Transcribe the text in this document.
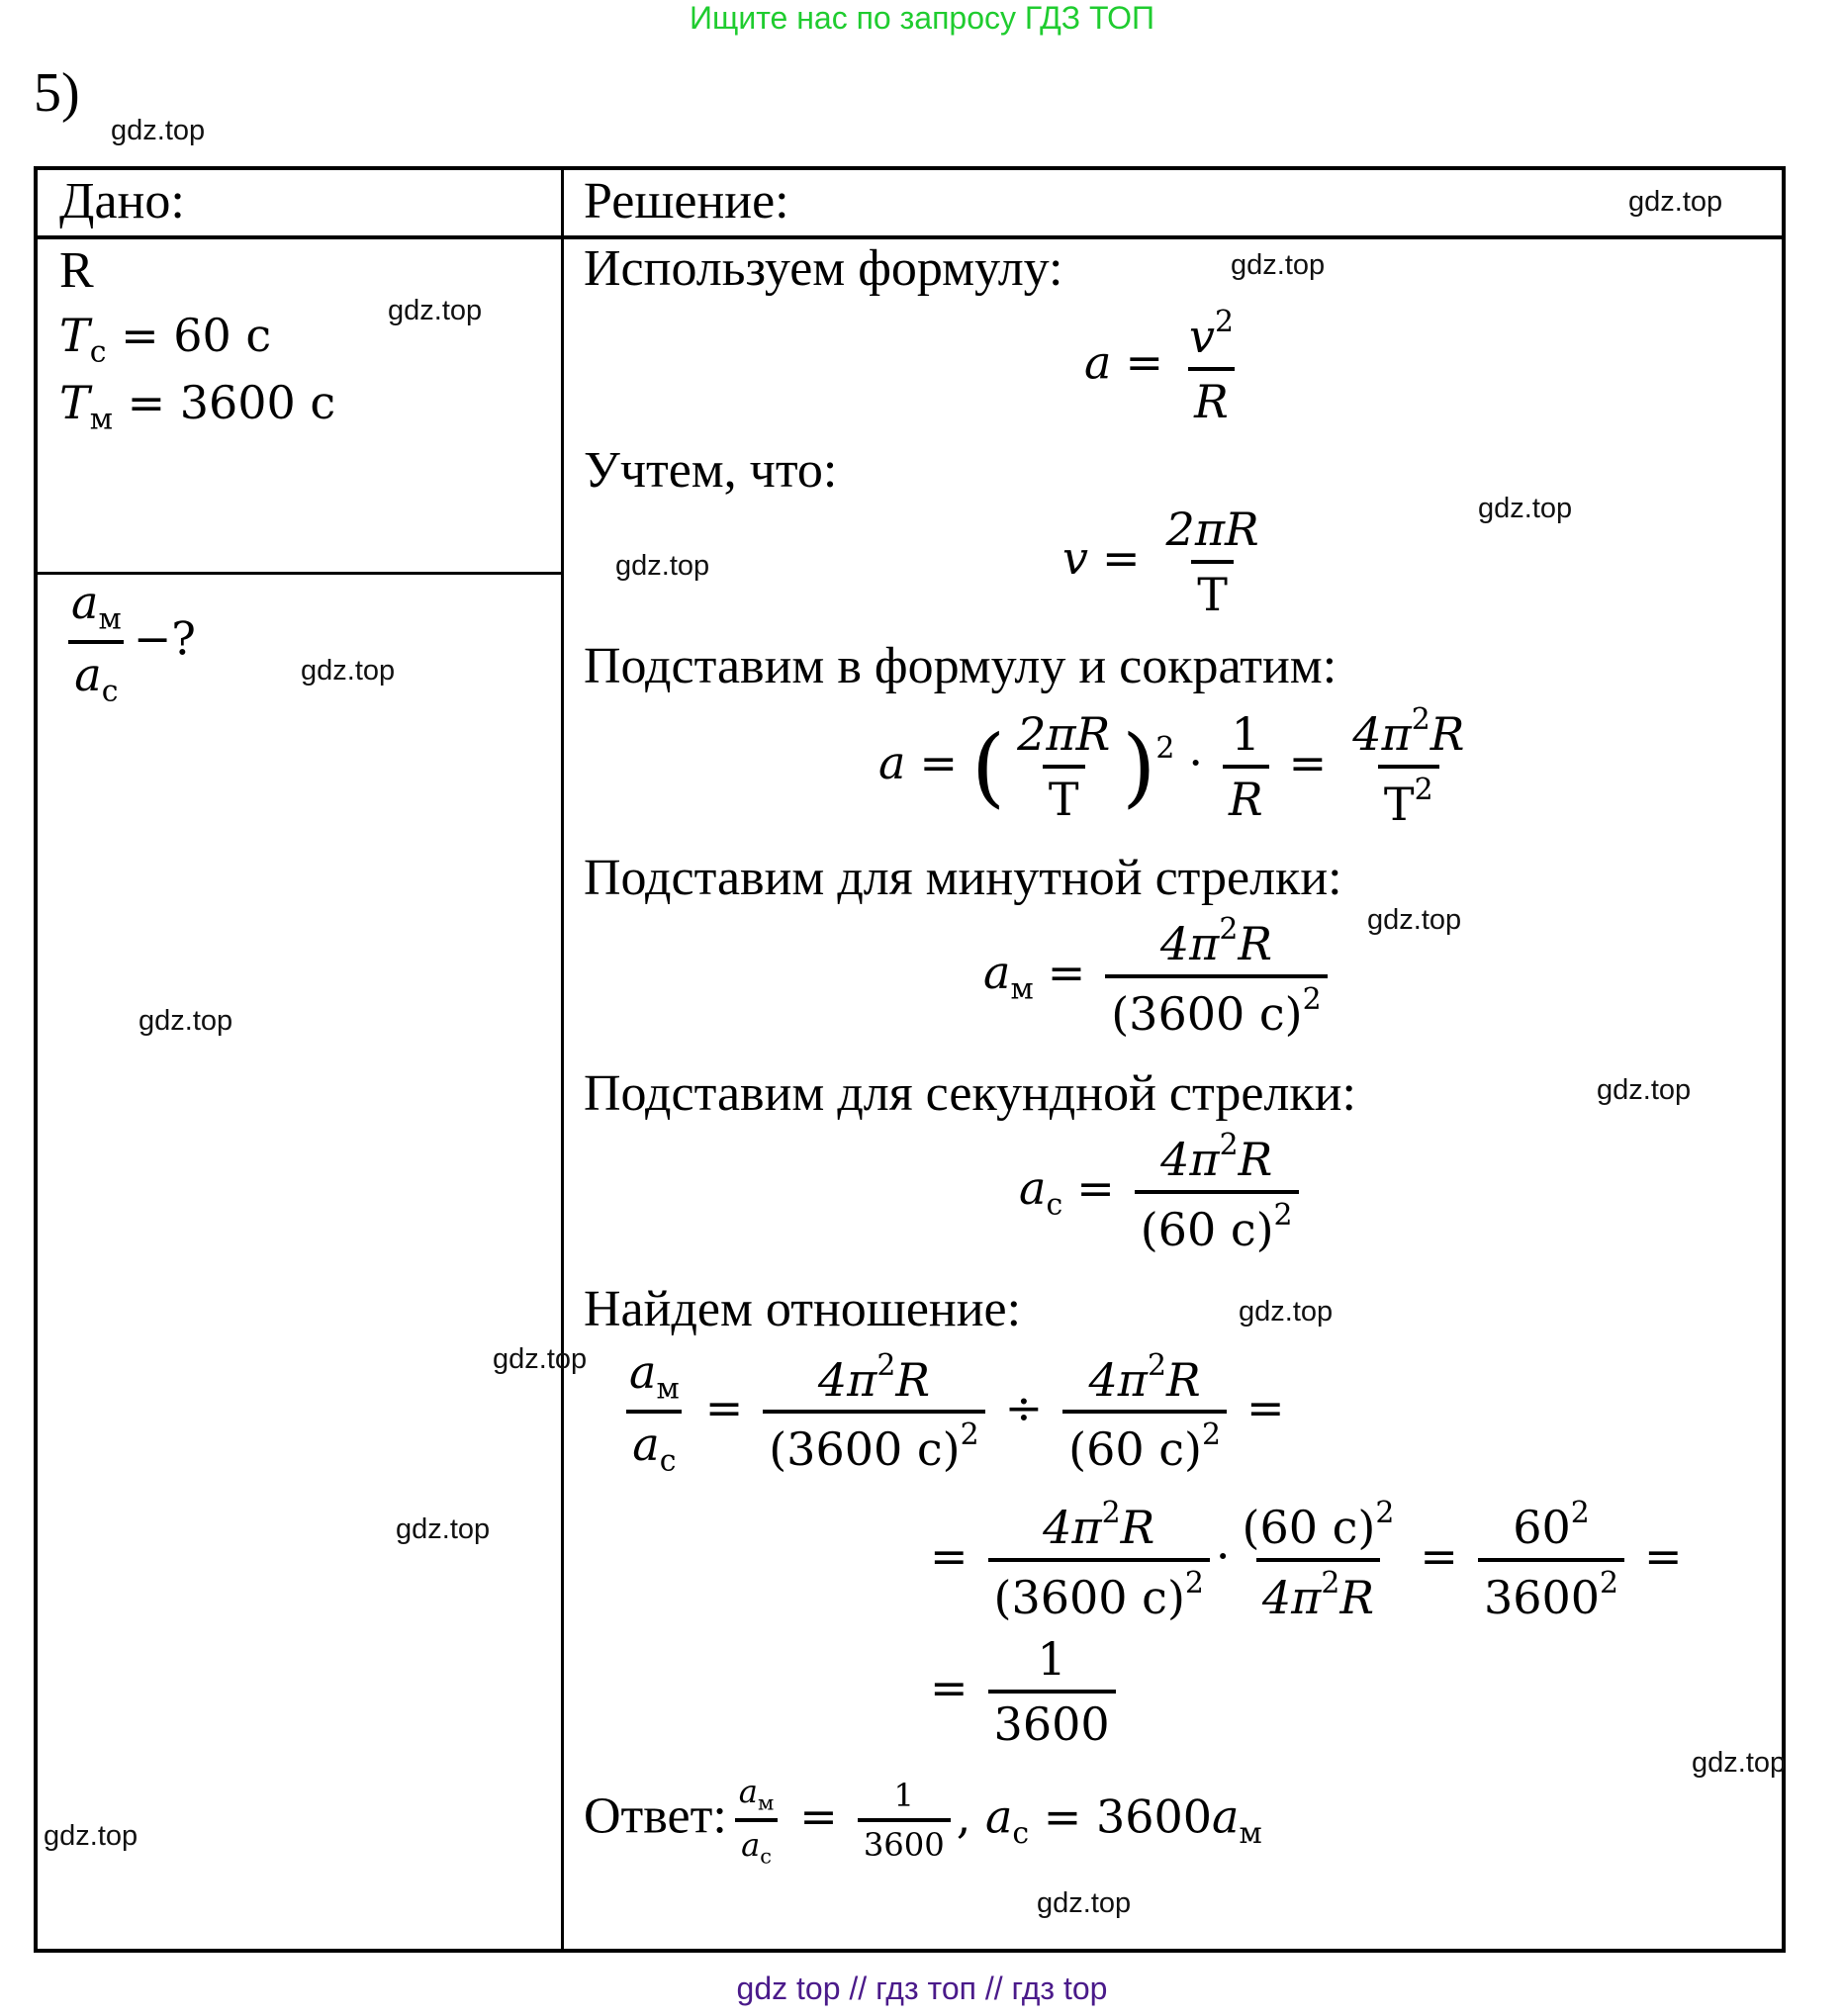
Ищите нас по запросу ГДЗ ТОП
5)
gdz.top
Дано:	Решение:
R
$T_с = 60$ с
$T_м = 3600$ с
$\frac{a_м}{a_с}$ −?
Используем формулу:
$a = \frac{v^2}{R}$
Учтем, что:
$v = \frac{2\pi R}{T}$
Подставим в формулу и сократим:
a = ( $\frac{2\pi R}{T} )^2 \cdot \frac{1}{R} = \frac{4\pi^2R}{T^2}$
Подставим для минутной стрелки:
$a_м = \frac{4\pi^2R}{(3600 с)^2}$
Подставим для секундной стрелки:
$a_с = \frac{4\pi^2R}{(60 с)^2}$
Найдем отношение:
$\frac{a_м}{a_с} = \frac{4\pi^2R}{(3600 с)^2} \div \frac{4\pi^2R}{(60 с)^2}$ =
= $\frac{4\pi^2R}{(3600 с)^2} \cdot \frac{(60 с)^2}{4\pi^2R} = \frac{60^2}{3600^2}$ =
= $\frac{1}{3600}$
Ответ: $\frac{a_м}{a_с} = \frac{1}{3600}$ , $a_с = 3600a_м$
gdz.top
gdz.top
gdz.top
gdz.top
gdz.top
gdz.top
gdz.top
gdz.top
gdz.top
gdz.top
gdz.top
gdz.top
gdz.top
gdz.top
gdz.top
gdz top // гдз топ // гдз top
